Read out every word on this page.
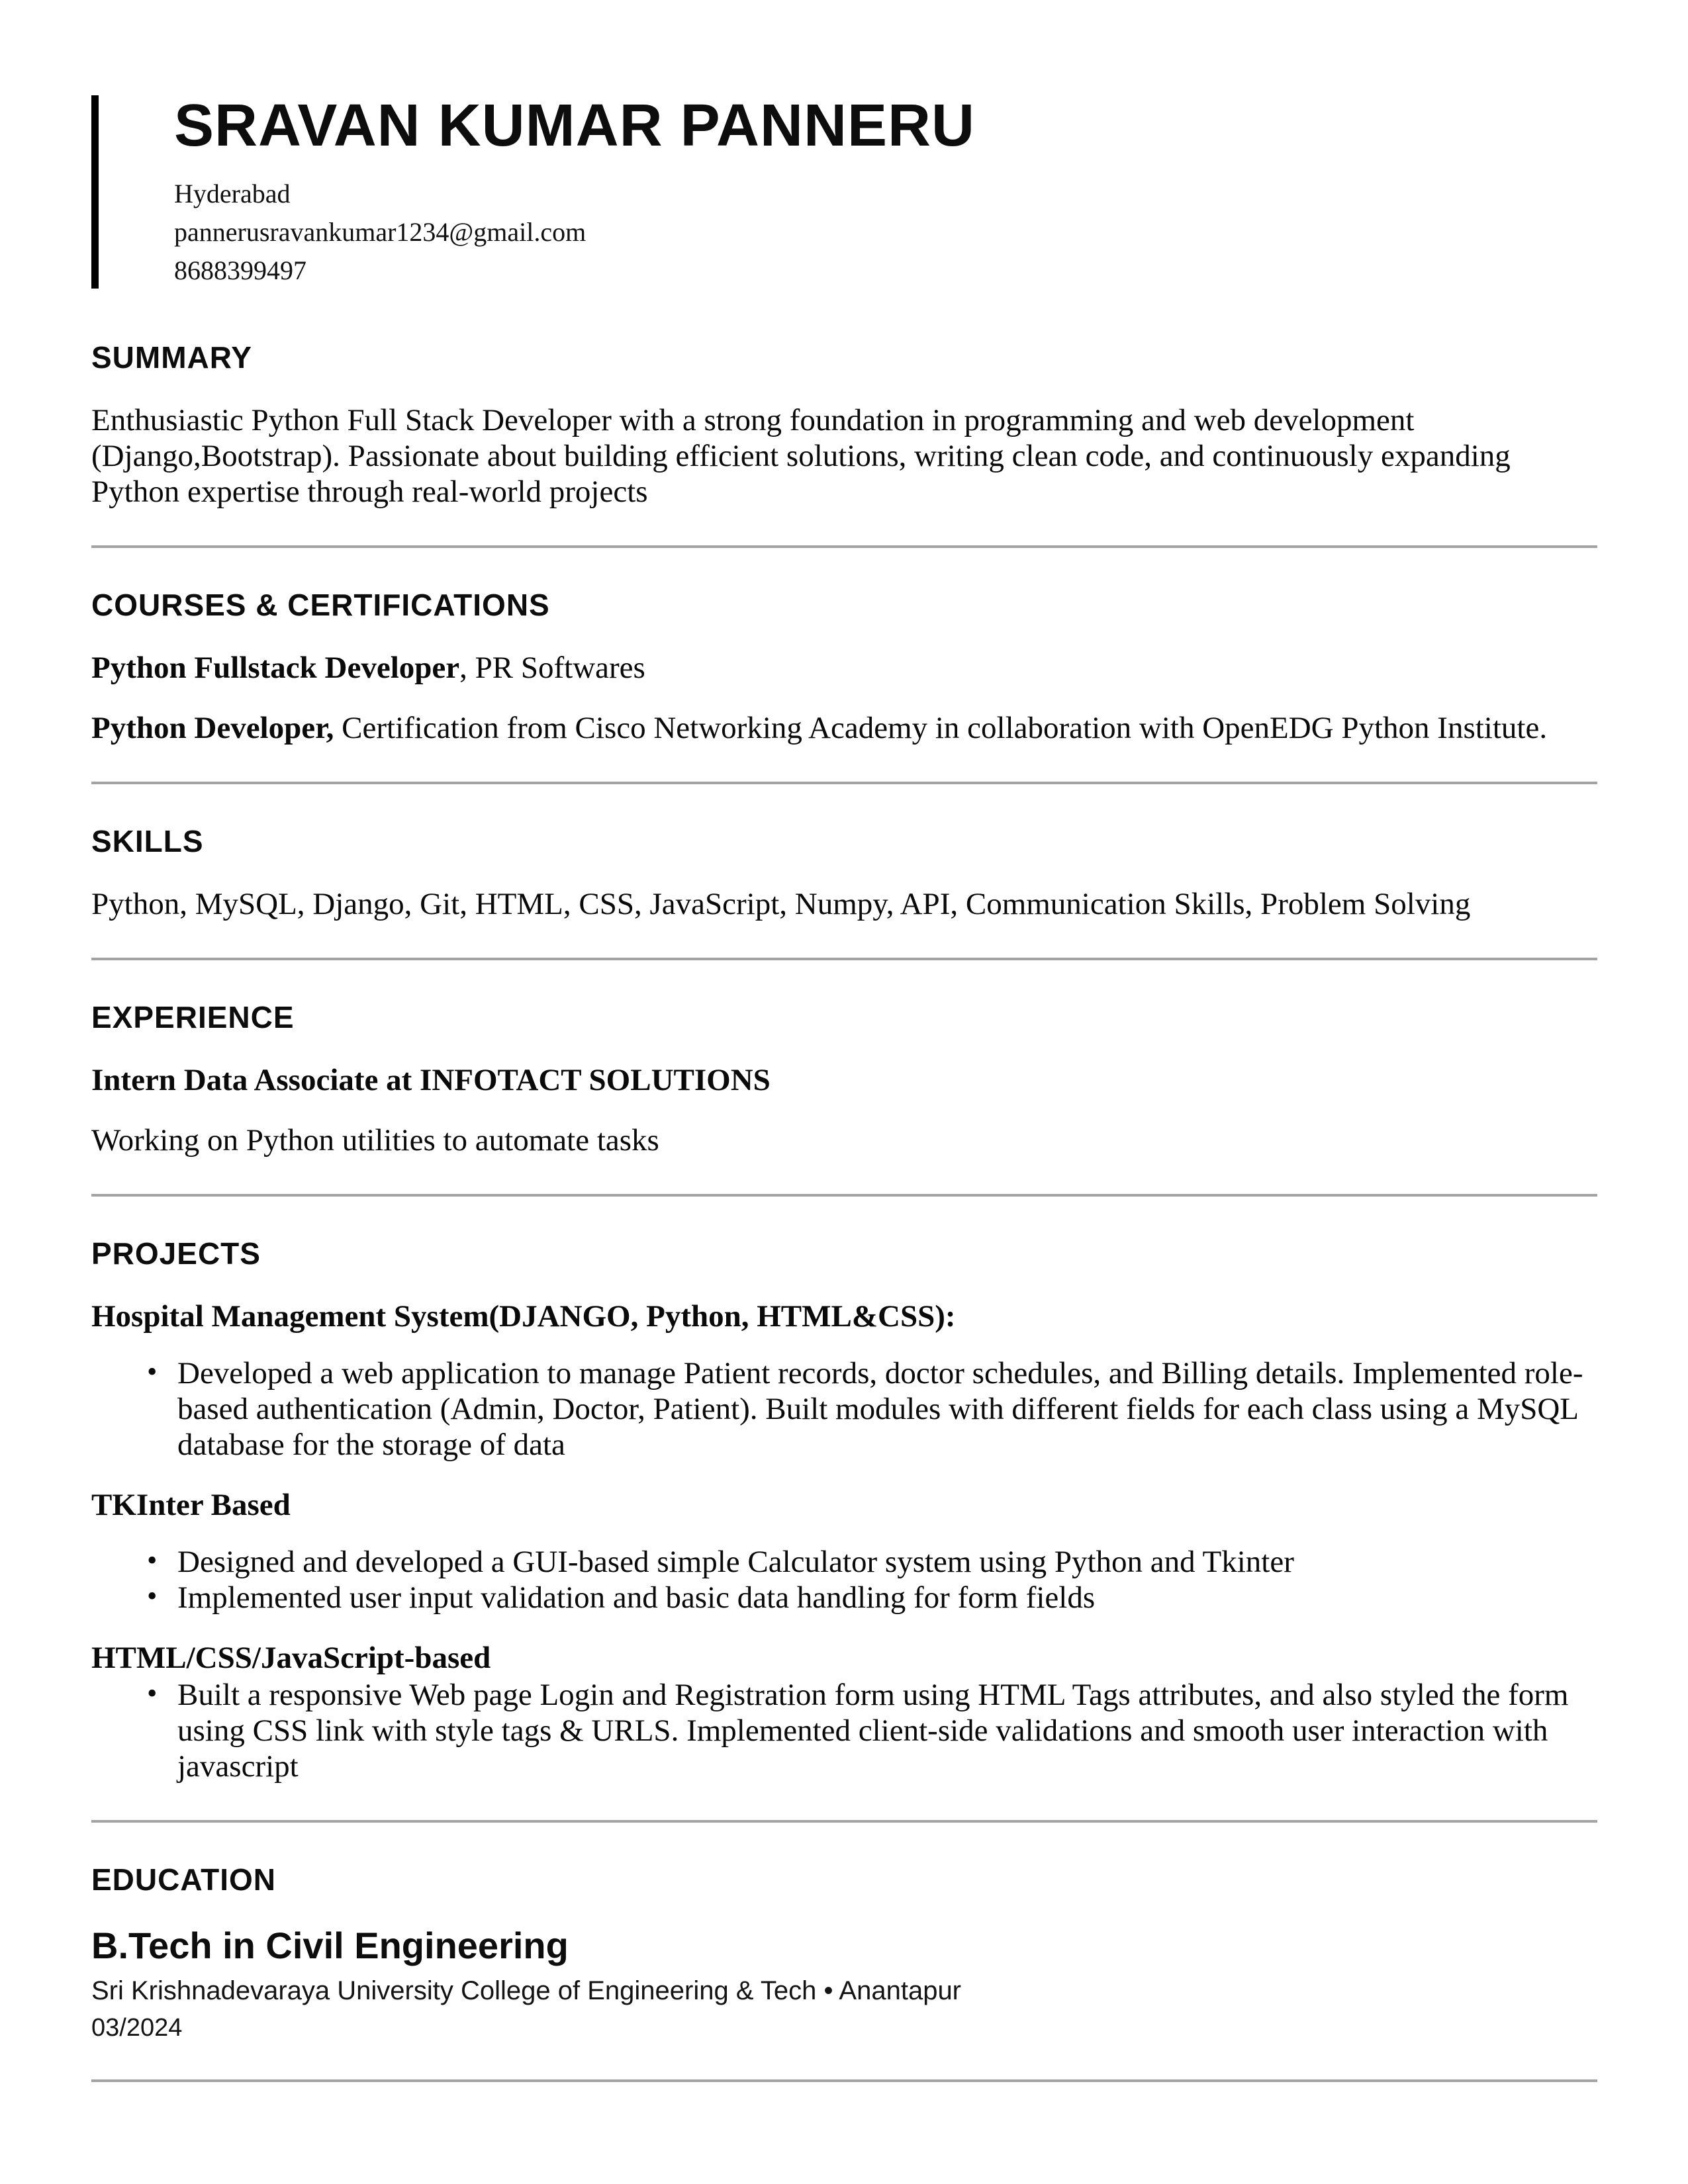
SRAVAN KUMAR PANNERU
Hyderabad
pannerusravankumar1234@gmail.com
8688399497
SUMMARY

Enthusiastic Python Full Stack Developer with a strong foundation in programming and web development (Django,Bootstrap). Passionate about building efficient solutions, writing clean code, and continuously expanding Python expertise through real-world projects

COURSES & CERTIFICATIONS

Python Fullstack Developer, PR Softwares

Python Developer, Certification from Cisco Networking Academy in collaboration with OpenEDG Python Institute.

SKILLS

Python, MySQL, Django, Git, HTML, CSS, JavaScript, Numpy, API, Communication Skills, Problem Solving

EXPERIENCE

Intern Data Associate at INFOTACT SOLUTIONS

Working on Python utilities to automate tasks

PROJECTS

Hospital Management System(DJANGO, Python, HTML&CSS):

• Developed a web application to manage Patient records, doctor schedules, and Billing details. Implemented role-based authentication (Admin, Doctor, Patient). Built modules with different fields for each class using a MySQL database for the storage of data

TKInter Based

• Designed and developed a GUI-based simple Calculator system using Python and Tkinter
• Implemented user input validation and basic data handling for form fields

HTML/CSS/JavaScript-based

• Built a responsive Web page Login and Registration form using HTML Tags attributes, and also styled the form using CSS link with style tags & URLS. Implemented client-side validations and smooth user interaction with javascript
EDUCATION

B.Tech in Civil Engineering

Sri Krishnadevaraya University College of Engineering & Tech • Anantapur

03/2024
